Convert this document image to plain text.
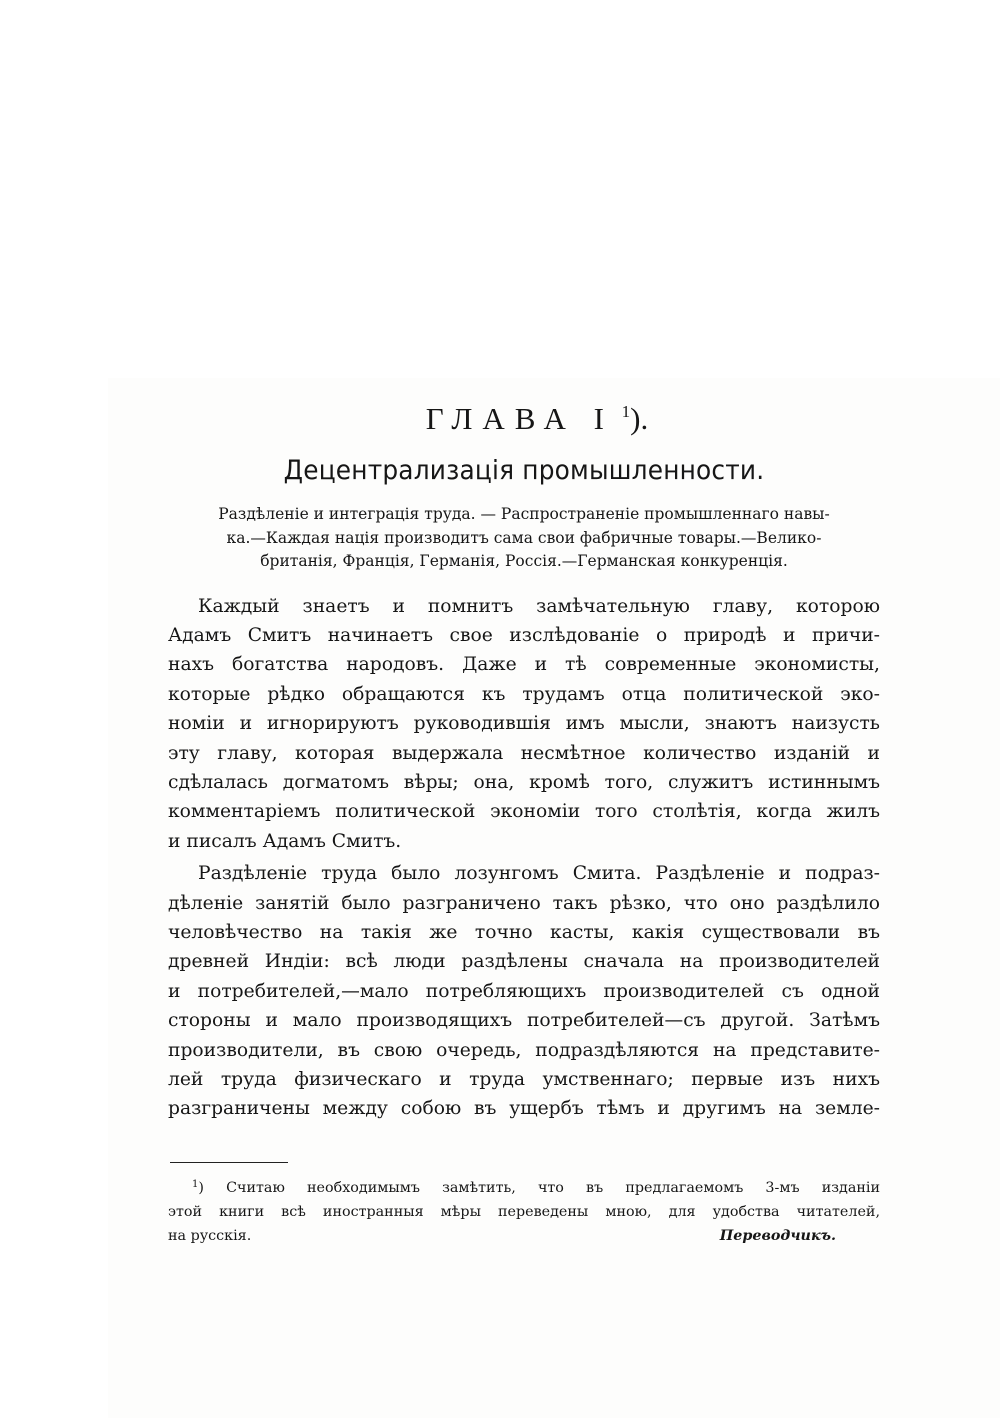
ГЛАВА I $^1$).
Децентрализація промышленности.
Раздѣленіе и интеграція труда. — Распространеніе промышленнаго навы-
ка.—Каждая нація производитъ сама свои фабричные товары.—Велико-
британія, Франція, Германія, Россія.—Германская конкуренція.
Каждый знаетъ и помнитъ замѣчательную главу, которою
Адамъ Смитъ начинаетъ свое изслѣдованіе о природѣ и причи-
нахъ богатства народовъ. Даже и тѣ современные экономисты,
которые рѣдко обращаются къ трудамъ отца политической эко-
номіи и игнорируютъ руководившія имъ мысли, знаютъ наизусть
эту главу, которая выдержала несмѣтное количество изданій и
сдѣлалась догматомъ вѣры; она, кромѣ того, служитъ истиннымъ
комментаріемъ политической экономіи того столѣтія, когда жилъ
и писалъ Адамъ Смитъ.
Раздѣленіе труда было лозунгомъ Смита. Раздѣленіе и подраз-
дѣленіе занятій было разграничено такъ рѣзко, что оно раздѣлило
человѣчество на такія же точно касты, какія существовали въ
древней Индіи: всѣ люди раздѣлены сначала на производителей
и потребителей,—мало потребляющихъ производителей съ одной
стороны и мало производящихъ потребителей—съ другой. Затѣмъ
производители, въ свою очередь, подраздѣляются на представите-
лей труда физическаго и труда умственнаго; первые изъ нихъ
разграничены между собою въ ущербъ тѣмъ и другимъ на земле-
$^1$) Считаю необходимымъ замѣтить, что въ предлагаемомъ 3-мъ изданіи
этой книги всѣ иностранныя мѣры переведены мною, для удобства читателей,
на русскія.	Переводчикъ.
